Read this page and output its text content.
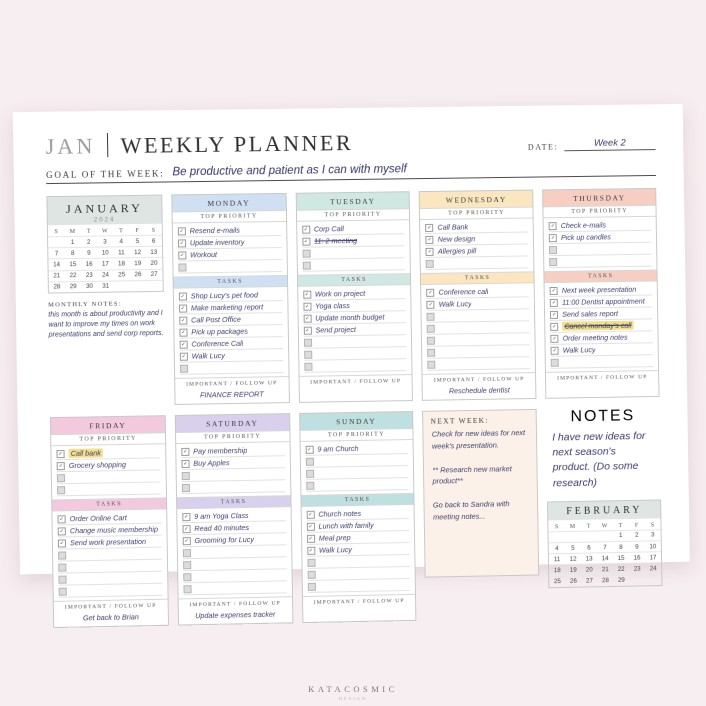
JAN	WEEKLY PLANNER	DATE:	Week 2
GOAL OF THE WEEK: Be productive and patient as I can with myself
JANUARY
2024
S	M	T	W	T	F	S
	1	2	3	4	5	6
7	8	9	10	11	12	13
14	15	16	17	18	19	20
21	22	23	24	25	26	27
28	29	30	31			
MONTHLY NOTES:
this month is about productivity and I want to improve my times on work presentations and send corp reports.
MONDAY
TOP PRIORITY
✓ Resend e-mails
✓ Update inventory
✓ Workout
TASKS
✓ Shop Lucy's pet food
✓ Make marketing report
✓ Call Post Office
✓ Pick up packages
✓ Conference Call
✓ Walk Lucy
IMPORTANT / FOLLOW UP
FINANCE REPORT
TUESDAY
TOP PRIORITY
✓ Corp Call
✓ 11: 2 meeting
TASKS
✓ Work on project
✓ Yoga class
✓ Update month budget
✓ Send project
IMPORTANT / FOLLOW UP
WEDNESDAY
TOP PRIORITY
✓ Call Bank
✓ New design
✓ Allergies pill
TASKS
✓ Conference call
✓ Walk Lucy
IMPORTANT / FOLLOW UP
Reschedule dentist
THURSDAY
TOP PRIORITY
✓ Check e-mails
✓ Pick up candles
TASKS
✓ Next week presentation
✓ 11:00 Dentist appointment
✓ Send sales report
✓ Cancel monday's call
✓ Order meeting notes
✓ Walk Lucy
IMPORTANT / FOLLOW UP
FRIDAY
TOP PRIORITY
✓ Call bank
✓ Grocery shopping
TASKS
✓ Order Online Cart
✓ Change music membership
✓ Send work presentation
IMPORTANT / FOLLOW UP
Get back to Brian
SATURDAY
TOP PRIORITY
✓ Pay membership
✓ Buy Apples
TASKS
✓ 9 am Yoga Class
✓ Read 40 minutes
✓ Grooming for Lucy
IMPORTANT / FOLLOW UP
Update expenses tracker
SUNDAY
TOP PRIORITY
✓ 9 am Church
TASKS
✓ Church notes
✓ Lunch with family
✓ Meal prep
✓ Walk Lucy
IMPORTANT / FOLLOW UP
NEXT WEEK:
Check for new ideas for next week's presentation.

** Research new market product**

Go back to Sandra with meeting notes...
NOTES
I have new ideas for next season's product. (Do some research)
FEBRUARY
S	M	T	W	T	F	S
				1	2	3
4	5	6	7	8	9	10
11	12	13	14	15	16	17
18	19	20	21	22	23	24
25	26	27	28	29		
KATACOSMIC
DESIGN
